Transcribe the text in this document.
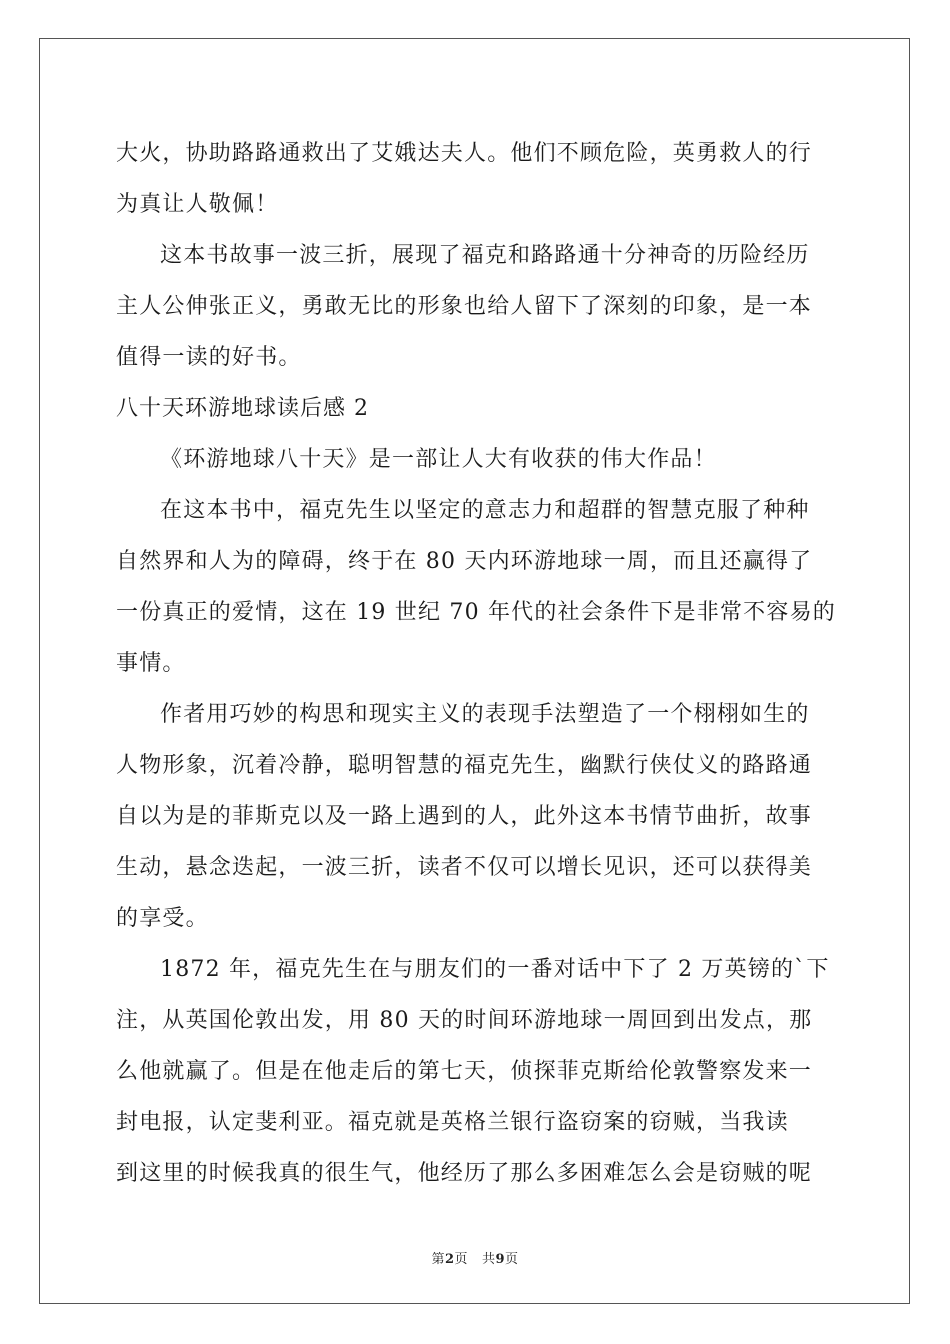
大火，协助路路通救出了艾娥达夫人。他们不顾危险，英勇救人的行
为真让人敬佩！
这本书故事一波三折，展现了福克和路路通十分神奇的历险经历
主人公伸张正义，勇敢无比的形象也给人留下了深刻的印象，是一本
值得一读的好书。
八十天环游地球读后感 2
《环游地球八十天》是一部让人大有收获的伟大作品！
在这本书中，福克先生以坚定的意志力和超群的智慧克服了种种
自然界和人为的障碍，终于在 80 天内环游地球一周，而且还赢得了
一份真正的爱情，这在 19 世纪 70 年代的社会条件下是非常不容易的
事情。
作者用巧妙的构思和现实主义的表现手法塑造了一个栩栩如生的
人物形象，沉着冷静，聪明智慧的福克先生，幽默行侠仗义的路路通
自以为是的菲斯克以及一路上遇到的人，此外这本书情节曲折，故事
生动，悬念迭起，一波三折，读者不仅可以增长见识，还可以获得美
的享受。
1872 年，福克先生在与朋友们的一番对话中下了 2 万英镑的`下
注，从英国伦敦出发，用 80 天的时间环游地球一周回到出发点，那
么他就赢了。但是在他走后的第七天，侦探菲克斯给伦敦警察发来一
封电报，认定斐利亚。福克就是英格兰银行盗窃案的窃贼，当我读
到这里的时候我真的很生气，他经历了那么多困难怎么会是窃贼的呢
第2页   共9页
